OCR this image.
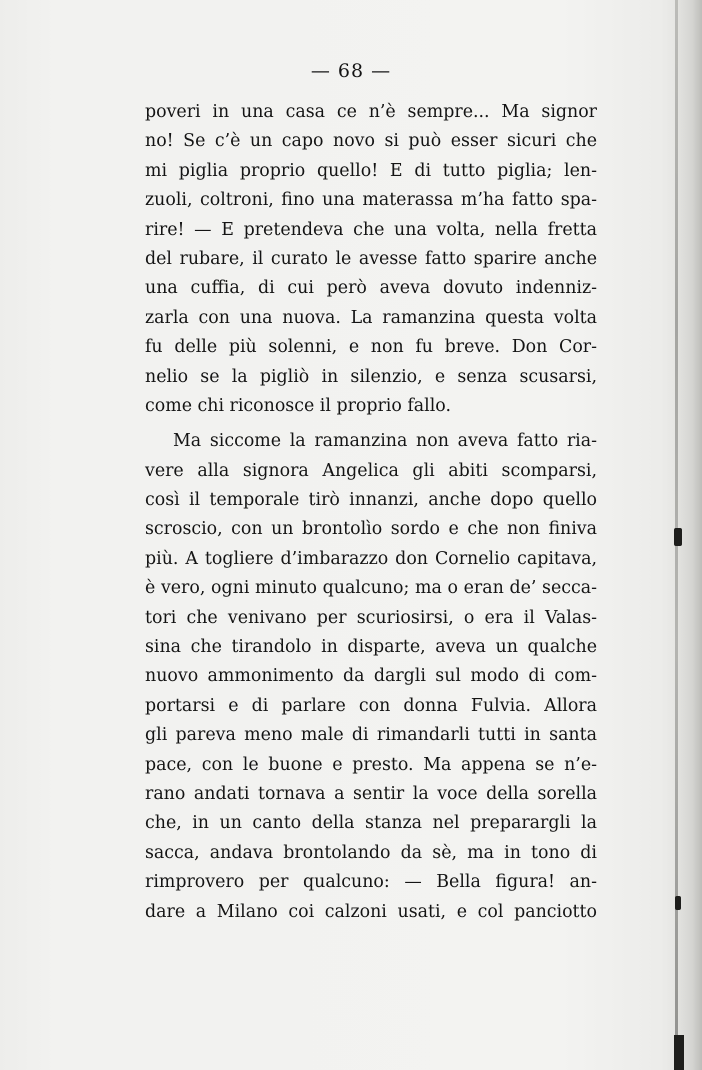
— 68 —
poveri in una casa ce n’è sempre... Ma signor
no! Se c’è un capo novo si può esser sicuri che
mi piglia proprio quello! E di tutto piglia; len-
zuoli, coltroni, fino una materassa m’ha fatto spa-
rire! — E pretendeva che una volta, nella fretta
del rubare, il curato le avesse fatto sparire anche
una cuffia, di cui però aveva dovuto indenniz-
zarla con una nuova. La ramanzina questa volta
fu delle più solenni, e non fu breve. Don Cor-
nelio se la pigliò in silenzio, e senza scusarsi,
come chi riconosce il proprio fallo.
Ma siccome la ramanzina non aveva fatto ria-
vere alla signora Angelica gli abiti scomparsi,
così il temporale tirò innanzi, anche dopo quello
scroscio, con un brontolìo sordo e che non finiva
più. A togliere d’imbarazzo don Cornelio capitava,
è vero, ogni minuto qualcuno; ma o eran de’ secca-
tori che venivano per scuriosirsi, o era il Valas-
sina che tirandolo in disparte, aveva un qualche
nuovo ammonimento da dargli sul modo di com-
portarsi e di parlare con donna Fulvia. Allora
gli pareva meno male di rimandarli tutti in santa
pace, con le buone e presto. Ma appena se n’e-
rano andati tornava a sentir la voce della sorella
che, in un canto della stanza nel preparargli la
sacca, andava brontolando da sè, ma in tono di
rimprovero per qualcuno: — Bella figura! an-
dare a Milano coi calzoni usati, e col panciotto
